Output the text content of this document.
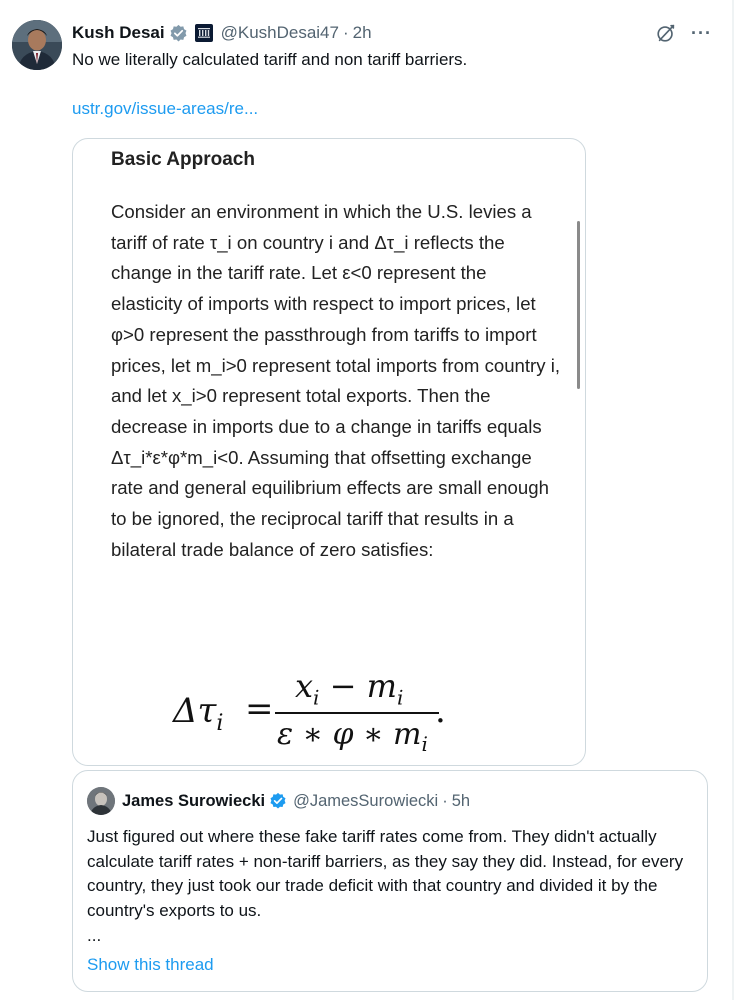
Kush Desai	@KushDesai47 · 2h	···
No we literally calculated tariff and non tariff barriers.
ustr.gov/issue-areas/re...
Basic Approach
Consider an environment in which the U.S. levies a tariff of rate τ_i on country i and Δτ_i reflects the change in the tariff rate. Let ε<0 represent the elasticity of imports with respect to import prices, let φ>0 represent the passthrough from tariffs to import prices, let m_i>0 represent total imports from country i, and let x_i>0 represent total exports. Then the decrease in imports due to a change in tariffs equals Δτ_i*ε*φ*m_i<0. Assuming that offsetting exchange rate and general equilibrium effects are small enough to be ignored, the reciprocal tariff that results in a bilateral trade balance of zero satisfies:
$\Delta\tau_i$ =
$x_i - m_i$
ε ∗ φ ∗ $m_i$
.
James Surowiecki @JamesSurowiecki · 5h
Just figured out where these fake tariff rates come from. They didn't actually calculate tariff rates + non-tariff barriers, as they say they did. Instead, for every country, they just took our trade deficit with that country and divided it by the country's exports to us.
...
Show this thread
